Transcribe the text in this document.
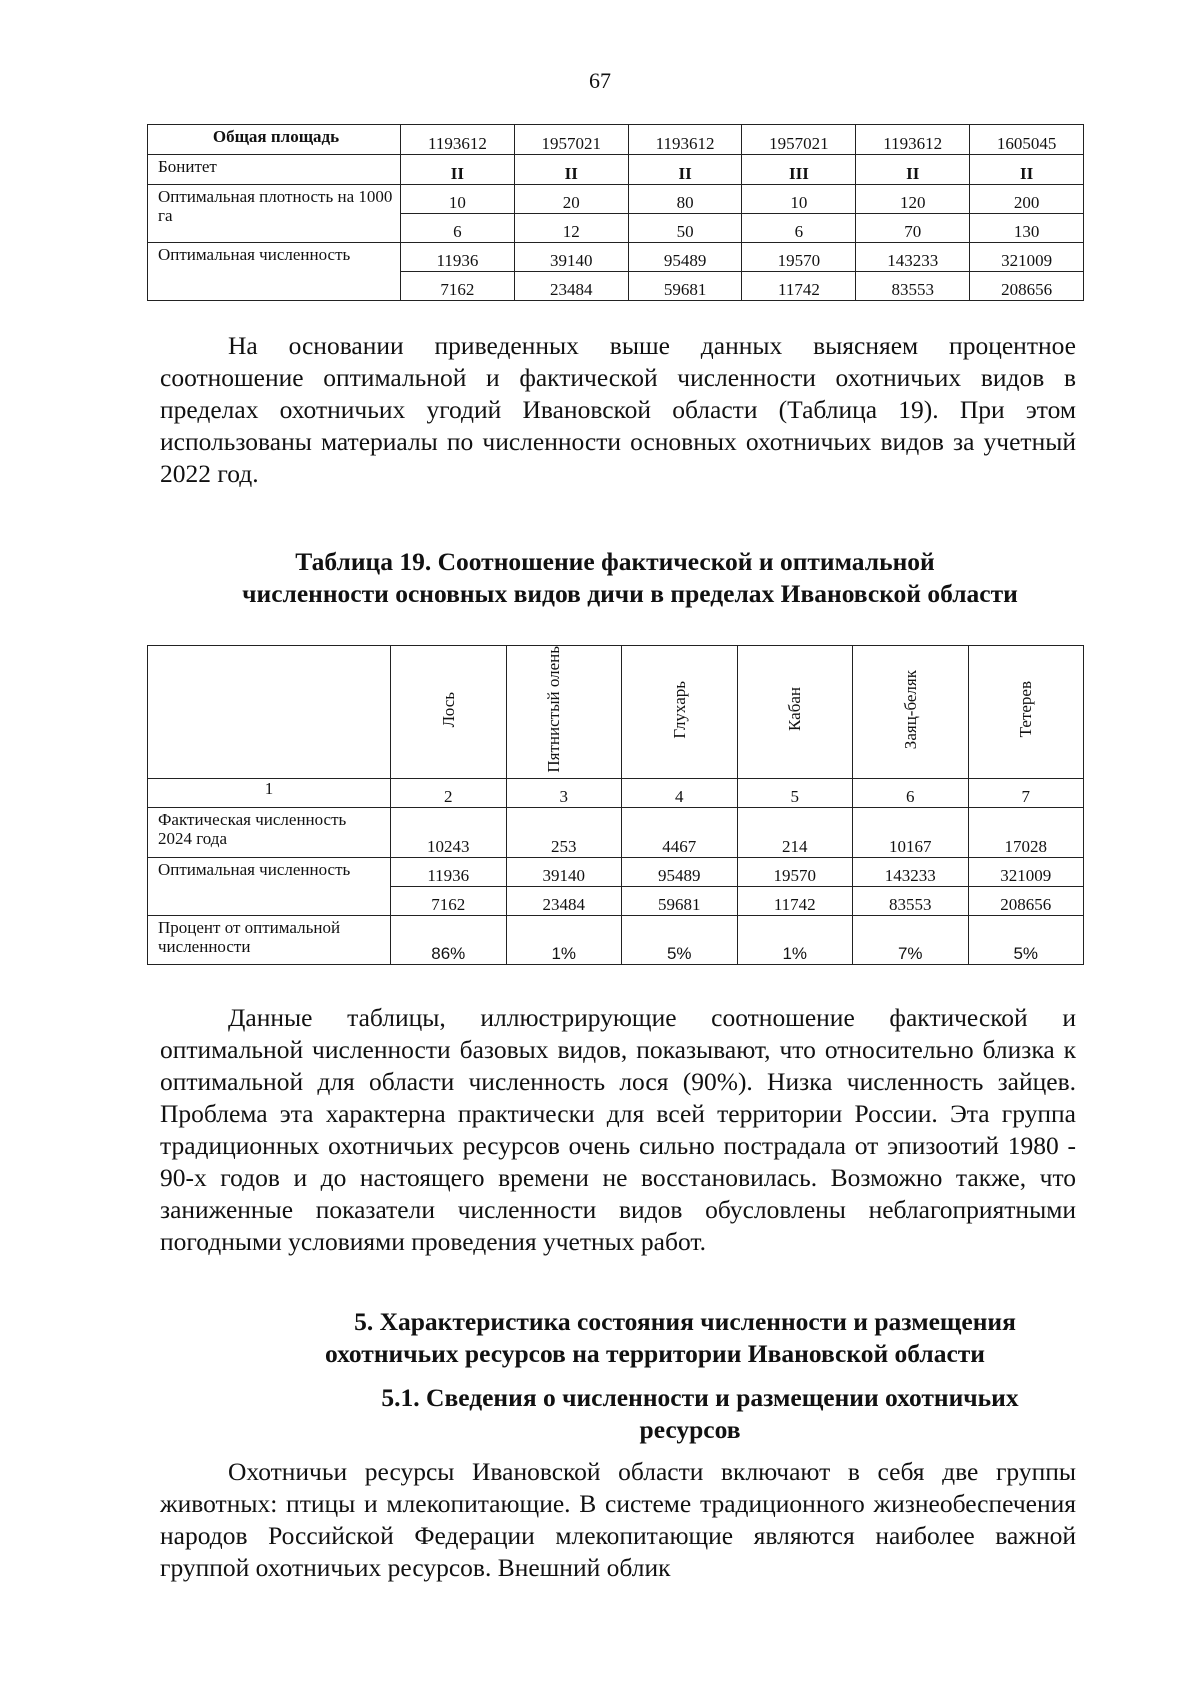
67
Общая площадь	1193612	1957021	1193612	1957021	1193612	1605045
Бонитет	II	II	II	III	II	II
Оптимальная плотность на 1000 га	10	20	80	10	120	200
	6	12	50	6	70	130
Оптимальная численность	11936	39140	95489	19570	143233	321009
	7162	23484	59681	11742	83553	208656

На основании приведенных выше данных выясняем процентное соотношение оптимальной и фактической численности охотничьих видов в пределах охотничьих угодий Ивановской области (Таблица 19). При этом использованы материалы по численности основных охотничьих видов за учетный 2022 год.

Таблица 19. Соотношение фактической и оптимальной
численности основных видов дичи в пределах Ивановской области
	Лось	Пятнистый олень	Глухарь	Кабан	Заяц-беляк	Тетерев
1	2	3	4	5	6	7
Фактическая численность 2024 года	10243	253	4467	214	10167	17028
Оптимальная численность	11936	39140	95489	19570	143233	321009
	7162	23484	59681	11742	83553	208656
Процент от оптимальной численности	86%	1%	5%	1%	7%	5%

Данные таблицы, иллюстрирующие соотношение фактической и оптимальной численности базовых видов, показывают, что относительно близка к оптимальной для области численность лося (90%). Низка численность зайцев. Проблема эта характерна практически для всей территории России. Эта группа традиционных охотничьих ресурсов очень сильно пострадала от эпизоотий 1980 - 90-х годов и до настоящего времени не восстановилась. Возможно также, что заниженные показатели численности видов обусловлены неблагоприятными погодными условиями проведения учетных работ.

5. Характеристика состояния численности и размещения
охотничьих ресурсов на территории Ивановской области
5.1. Сведения о численности и размещении охотничьих
ресурсов

Охотничьи ресурсы Ивановской области включают в себя две группы животных: птицы и млекопитающие. В системе традиционного жизнеобеспечения народов Российской Федерации млекопитающие являются наиболее важной группой охотничьих ресурсов. Внешний облик
